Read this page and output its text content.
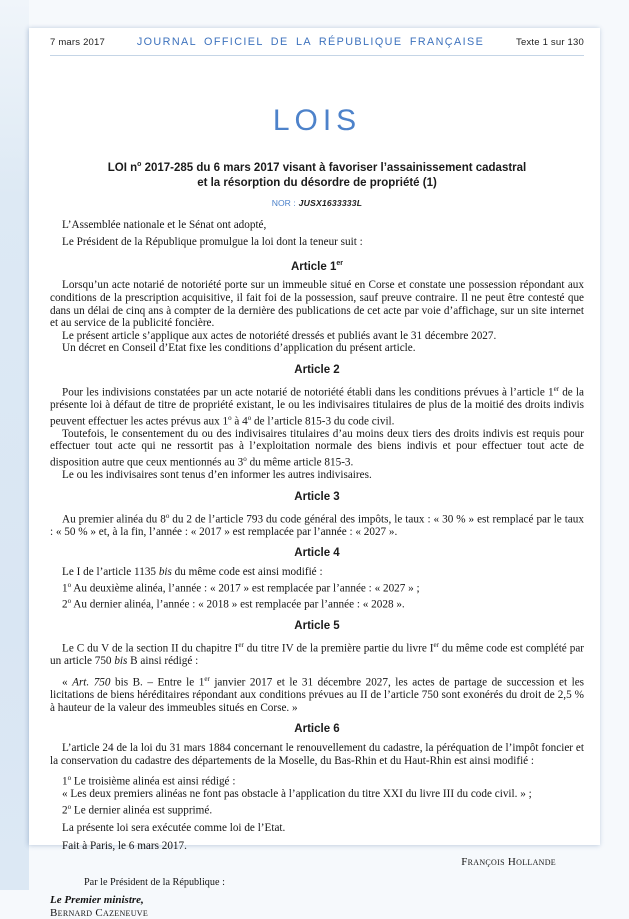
7 mars 2017	JOURNAL OFFICIEL DE LA RÉPUBLIQUE FRANÇAISE	Texte 1 sur 130
LOIS
LOI $n^o$ 2017-285 du 6 mars 2017 visant à favoriser l’assainissement cadastral
et la résorption du désordre de propriété (1)
NOR : JUSX1633333L

L’Assemblée nationale et le Sénat ont adopté,

Le Président de la République promulgue la loi dont la teneur suit :

Article 1er

Lorsqu’un acte notarié de notoriété porte sur un immeuble situé en Corse et constate une possession répondant aux conditions de la prescription acquisitive, il fait foi de la possession, sauf preuve contraire. Il ne peut être contesté que dans un délai de cinq ans à compter de la dernière des publications de cet acte par voie d’affichage, sur un site internet et au service de la publicité foncière.

Le présent article s’applique aux actes de notoriété dressés et publiés avant le 31 décembre 2027.

Un décret en Conseil d’Etat fixe les conditions d’application du présent article.

Article 2

Pour les indivisions constatées par un acte notarié de notoriété établi dans les conditions prévues à l’article 1er de la présente loi à défaut de titre de propriété existant, le ou les indivisaires titulaires de plus de la moitié des droits indivis peuvent effectuer les actes prévus aux 1$^o$ à 4$^o$ de l’article 815-3 du code civil.

Toutefois, le consentement du ou des indivisaires titulaires d’au moins deux tiers des droits indivis est requis pour effectuer tout acte qui ne ressortit pas à l’exploitation normale des biens indivis et pour effectuer tout acte de disposition autre que ceux mentionnés au 3$^o$ du même article 815-3.

Le ou les indivisaires sont tenus d’en informer les autres indivisaires.

Article 3

Au premier alinéa du 8$^o$ du 2 de l’article 793 du code général des impôts, le taux : « 30 % » est remplacé par le taux : « 50 % » et, à la fin, l’année : « 2017 » est remplacée par l’année : « 2027 ».

Article 4

Le I de l’article 1135 bis du même code est ainsi modifié :

1$^o$ Au deuxième alinéa, l’année : « 2017 » est remplacée par l’année : « 2027 » ;

2$^o$ Au dernier alinéa, l’année : « 2018 » est remplacée par l’année : « 2028 ».

Article 5

Le C du V de la section II du chapitre Ier du titre IV de la première partie du livre Ier du même code est complété par un article 750 bis B ainsi rédigé :

« Art. 750 bis B. – Entre le 1er janvier 2017 et le 31 décembre 2027, les actes de partage de succession et les licitations de biens héréditaires répondant aux conditions prévues au II de l’article 750 sont exonérés du droit de 2,5 % à hauteur de la valeur des immeubles situés en Corse. »

Article 6

L’article 24 de la loi du 31 mars 1884 concernant le renouvellement du cadastre, la péréquation de l’impôt foncier et la conservation du cadastre des départements de la Moselle, du Bas-Rhin et du Haut-Rhin est ainsi modifié :

1$^o$ Le troisième alinéa est ainsi rédigé :

« Les deux premiers alinéas ne font pas obstacle à l’application du titre XXI du livre III du code civil. » ;

2$^o$ Le dernier alinéa est supprimé.

La présente loi sera exécutée comme loi de l’Etat.

Fait à Paris, le 6 mars 2017.

François Hollande
Par le Président de la République :
Le Premier ministre,
Bernard Cazeneuve
